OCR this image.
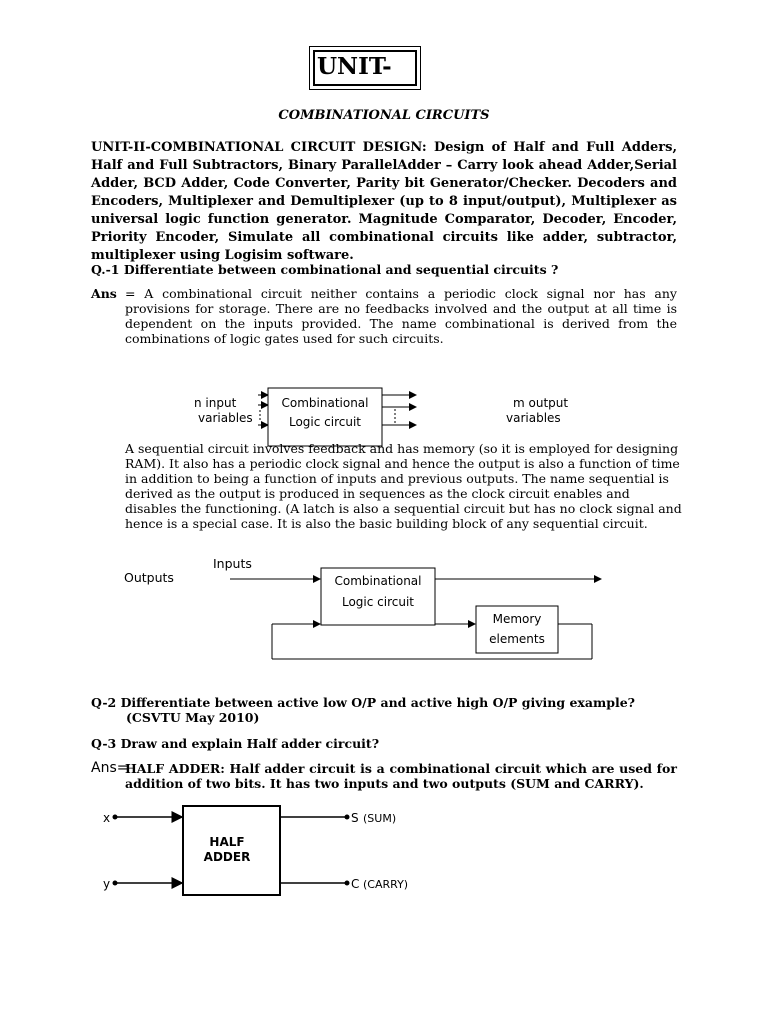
UNIT-
COMBINATIONAL CIRCUITS
UNIT-II-COMBINATIONAL CIRCUIT DESIGN: Design of Half and Full Adders, Half and Full Subtractors, Binary ParallelAdder – Carry look ahead Adder,Serial Adder, BCD Adder, Code Converter, Parity bit Generator/Checker. Decoders and Encoders, Multiplexer and Demultiplexer (up to 8 input/output), Multiplexer as universal logic function generator. Magnitude Comparator, Decoder, Encoder, Priority Encoder, Simulate all combinational circuits like adder, subtractor, multiplexer using Logisim software.
Q.-1 Differentiate between combinational and sequential circuits ?
Ans = A combinational circuit neither contains a periodic clock signal nor has any provisions for storage. There are no feedbacks involved and the output at all time is dependent on the inputs provided. The name combinational is derived from the combinations of logic gates used for such circuits.
Combinational
Logic circuit
n input
variables
m output
variables
A sequential circuit involves feedback and has memory (so it is employed for designing RAM). It also has a periodic clock signal and hence the output is also a function of time in addition to being a function of inputs and previous outputs. The name sequential is derived as the output is produced in sequences as the clock circuit enables and disables the functioning. (A latch is also a sequential circuit but has no clock signal and hence is a special case. It is also the basic building block of any sequential circuit.
Inputs
Outputs	Combinational
Logic circuit
Memory
elements
Q-2 Differentiate between active low O/P and active high O/P giving example?
(CSVTU May 2010)
Q-3 Draw and explain Half adder circuit?
Ans=
HALF ADDER: Half adder circuit is a combinational circuit which are used for addition of two bits. It has two inputs and two outputs (SUM and CARRY).
x
y
HALF
ADDER
S (SUM)
C (CARRY)
